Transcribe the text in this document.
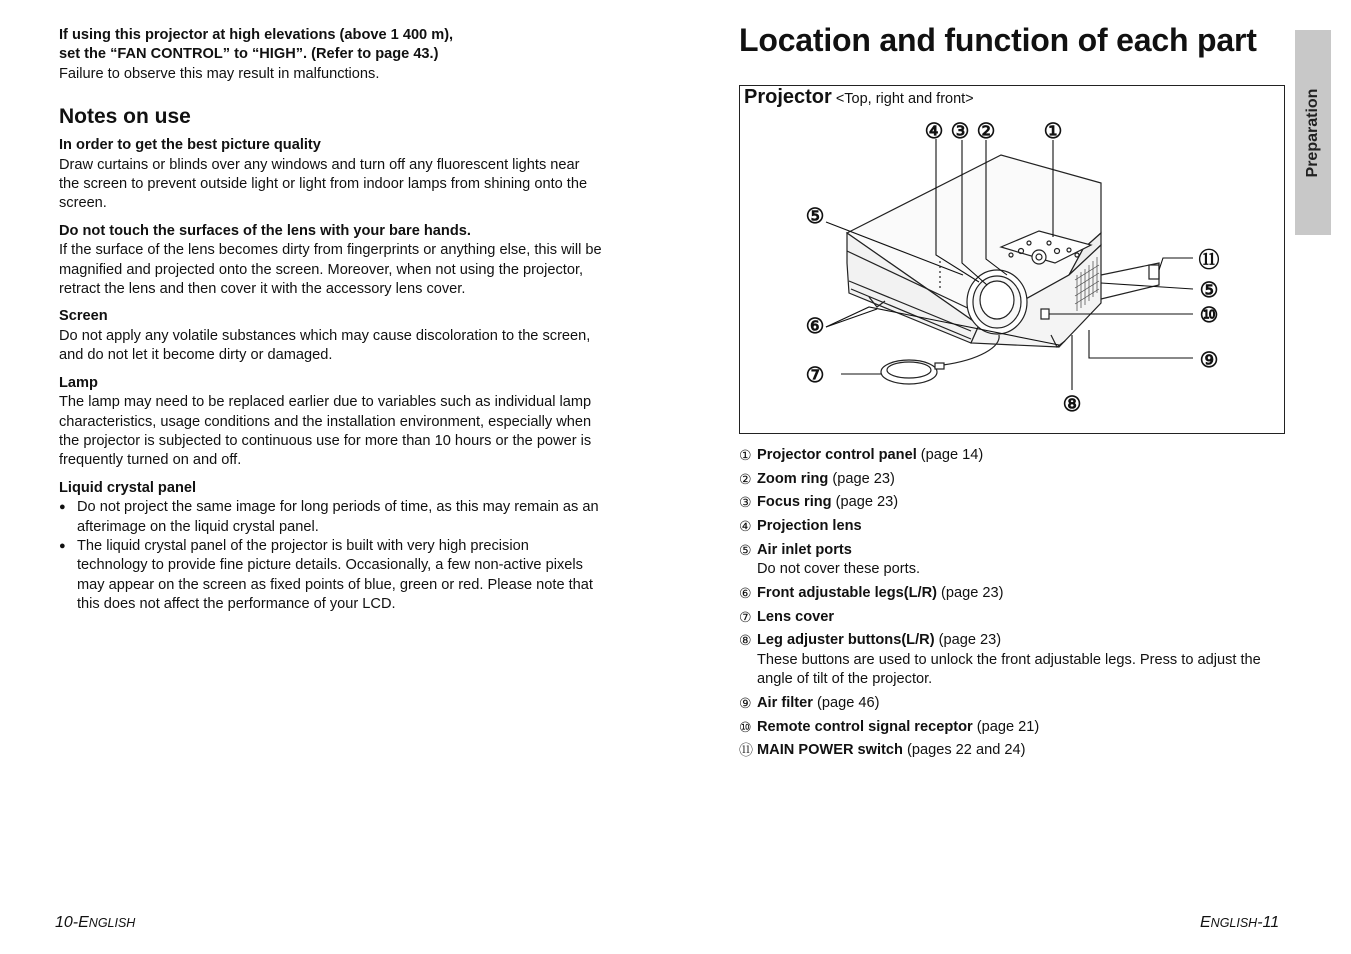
If using this projector at high elevations (above 1 400 m),

set the “FAN CONTROL” to “HIGH”. (Refer to page 43.)

Failure to observe this may result in malfunctions.

Notes on use
In order to get the best picture quality
Draw curtains or blinds over any windows and turn off any fluorescent lights near the screen to prevent outside light or light from indoor lamps from shining onto the screen.
Do not touch the surfaces of the lens with your bare hands.
If the surface of the lens becomes dirty from fingerprints or anything else, this will be magnified and projected onto the screen. Moreover, when not using the projector, retract the lens and then cover it with the accessory lens cover.
Screen
Do not apply any volatile substances which may cause discoloration to the screen, and do not let it become dirty or damaged.
Lamp
The lamp may need to be replaced earlier due to variables such as individual lamp characteristics, usage conditions and the installation environment, especially when the projector is subjected to continuous use for more than 10 hours or the power is frequently turned on and off.
Liquid crystal panel
● Do not project the same image for long periods of time, as this may remain as an afterimage on the liquid crystal panel.
● The liquid crystal panel of the projector is built with very high precision technology to provide fine picture details. Occasionally, a few non-active pixels may appear on the screen as fixed points of blue, green or red. Please note that this does not affect the performance of your LCD.
Location and function of each part
Preparation
Projector <Top, right and front>
④ ③ ② ①
⑤
⑪
⑤
⑥	⑩
⑦
⑨
⑧
① Projector control panel (page 14)
② Zoom ring (page 23)
③ Focus ring (page 23)
④ Projection lens
⑤ Air inlet ports
Do not cover these ports.
⑥ Front adjustable legs(L/R) (page 23)
⑦ Lens cover
⑧ Leg adjuster buttons(L/R) (page 23)
These buttons are used to unlock the front adjustable legs. Press to adjust the angle of tilt of the projector.
⑨ Air filter (page 46)
⑩ Remote control signal receptor (page 21)
⑪ MAIN POWER switch (pages 22 and 24)
10-ENGLISH	ENGLISH-11
